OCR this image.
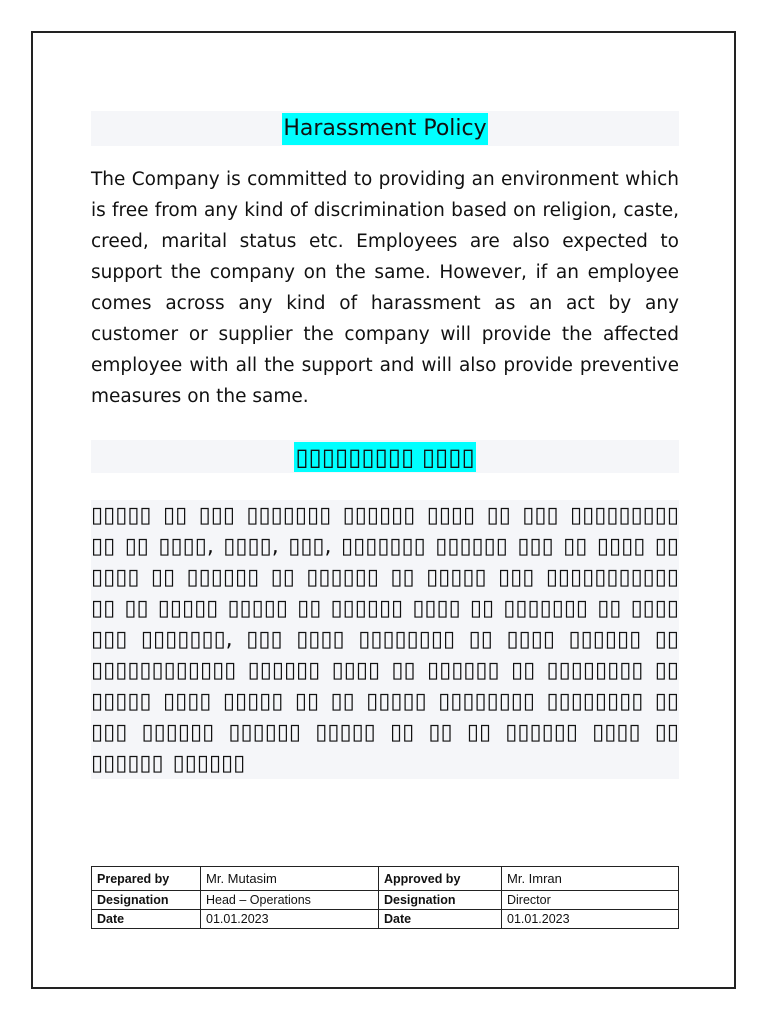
Harassment Policy

The Company is committed to providing an environment which is free from any kind of discrimination based on religion, caste, creed, marital status etc. Employees are also expected to support the company on the same. However, if an employee comes across any kind of harassment as an act by any customer or supplier the company will provide the affected employee with all the support and will also provide preventive measures on the same.

▯▯▯▯▯▯▯▯▯ ▯▯▯▯

▯▯▯▯▯ ▯▯ ▯▯▯ ▯▯▯▯▯▯▯ ▯▯▯▯▯▯ ▯▯▯▯ ▯▯ ▯▯▯ ▯▯▯▯▯▯▯▯▯ ▯▯ ▯▯ ▯▯▯▯, ▯▯▯▯, ▯▯▯, ▯▯▯▯▯▯▯ ▯▯▯▯▯▯ ▯▯▯ ▯▯ ▯▯▯▯ ▯▯ ▯▯▯▯ ▯▯ ▯▯▯▯▯▯ ▯▯ ▯▯▯▯▯▯ ▯▯ ▯▯▯▯▯ ▯▯▯ ▯▯▯▯▯▯▯▯▯▯▯ ▯▯ ▯▯ ▯▯▯▯▯ ▯▯▯▯▯ ▯▯ ▯▯▯▯▯▯ ▯▯▯▯ ▯▯ ▯▯▯▯▯▯▯ ▯▯ ▯▯▯▯ ▯▯▯ ▯▯▯▯▯▯▯, ▯▯▯ ▯▯▯▯ ▯▯▯▯▯▯▯▯ ▯▯ ▯▯▯▯ ▯▯▯▯▯▯ ▯▯ ▯▯▯▯▯▯▯▯▯▯▯▯ ▯▯▯▯▯▯ ▯▯▯▯ ▯▯ ▯▯▯▯▯▯ ▯▯ ▯▯▯▯▯▯▯▯ ▯▯ ▯▯▯▯▯ ▯▯▯▯ ▯▯▯▯▯ ▯▯ ▯▯ ▯▯▯▯▯ ▯▯▯▯▯▯▯▯ ▯▯▯▯▯▯▯▯ ▯▯ ▯▯▯ ▯▯▯▯▯▯ ▯▯▯▯▯▯ ▯▯▯▯▯ ▯▯ ▯▯ ▯▯ ▯▯▯▯▯▯ ▯▯▯▯ ▯▯ ▯▯▯▯▯▯ ▯▯▯▯▯▯

Prepared by	Mr. Mutasim	Approved by	Mr. Imran
Designation	Head – Operations	Designation	Director
Date	01.01.2023	Date	01.01.2023
